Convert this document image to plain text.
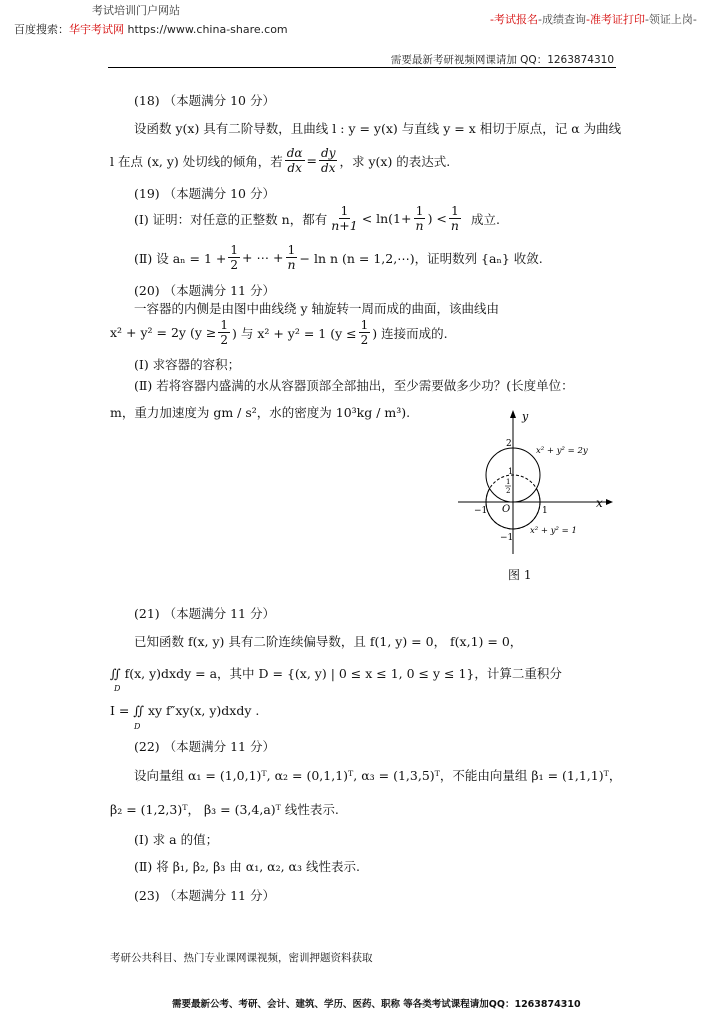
考试培训门户网站
百度搜索：华宇考试网 https://www.china-share.com
-考试报名-成绩查询-准考证打印-领证上岗-
需要最新考研视频网课请加 QQ：1263874310
(18) （本题满分 10 分）
设函数 y(x) 具有二阶导数，且曲线 l : y = y(x) 与直线 y = x 相切于原点，记 α 为曲线
l 在点 (x, y) 处切线的倾角，若 $\frac{d\alpha}{dx} = \frac{dy}{dx}$ ，求 y(x) 的表达式.
(19) （本题满分 10 分）
(Ⅰ) 证明：对任意的正整数 n，都有 $\frac{1}{n+1} < \ln(1+ \frac{1}{n}$ ) < $\frac{1}{n}$ 成立.
(Ⅱ) 设 $a_n = 1 + \frac{1}{2}$ + ⋯ + $\frac{1}{n} - \ln n$ (n = 1,2,⋯)，证明数列 {aₙ} 收敛.
(20) （本题满分 11 分）
一容器的内侧是由图中曲线绕 y 轴旋转一周而成的曲面，该曲线由
x² + y² = 2y ($y \ge \frac{1}{2}$ ) 与 x² + y² = 1 ($y \le \frac{1}{2}$ ) 连接而成的.
(Ⅰ) 求容器的容积；
(Ⅱ) 若将容器内盛满的水从容器顶部全部抽出，至少需要做多少功？(长度单位：
m，重力加速度为 gm / s²，水的密度为 10³kg / m³).	y
x
O
2
1
1
2
−1	1
−1
x² + y² = 2y
x² + y² = 1
图 1
(21) （本题满分 11 分）
已知函数 f(x, y) 具有二阶连续偏导数，且 f(1, y) = 0， f(x,1) = 0，
∬ f(x, y)dxdy = a，其中 D = {(x, y) | 0 ≤ x ≤ 1, 0 ≤ y ≤ 1}，计算二重积分
D
I = ∬ xy f″xy(x, y)dxdy .
D
(22) （本题满分 11 分）
设向量组 α₁ = (1,0,1)ᵀ, α₂ = (0,1,1)ᵀ, α₃ = (1,3,5)ᵀ，不能由向量组 β₁ = (1,1,1)ᵀ，
β₂ = (1,2,3)ᵀ， β₃ = (3,4,a)ᵀ 线性表示.
(Ⅰ) 求 a 的值；
(Ⅱ) 将 β₁, β₂, β₃ 由 α₁, α₂, α₃ 线性表示.
(23) （本题满分 11 分）
考研公共科目、热门专业课网课视频，密训押题资料获取
需要最新公考、考研、会计、建筑、学历、医药、职称 等各类考试课程请加QQ：1263874310
